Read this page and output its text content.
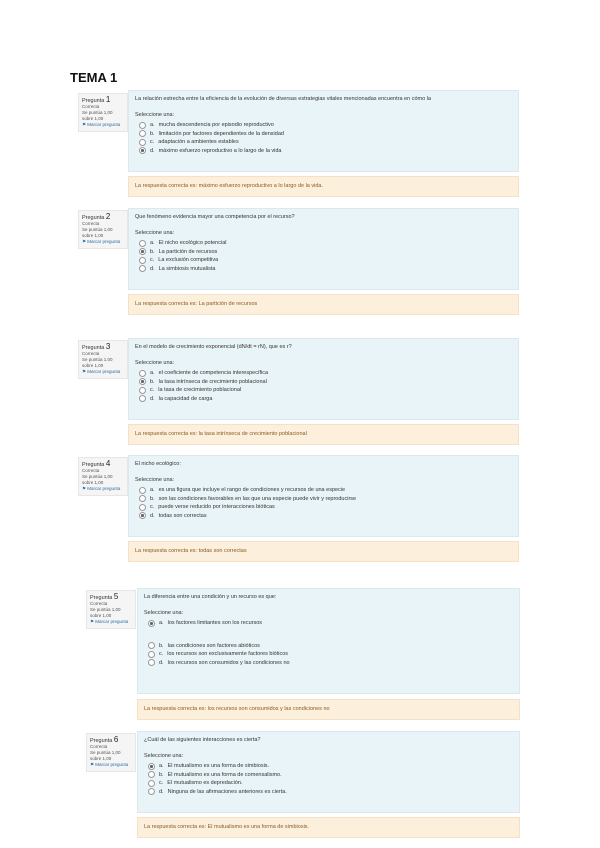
TEMA 1
Pregunta 1
Correcta
Se puntúa 1,00 sobre 1,00
⚑ Marcar pregunta
La relación estrecha entre la eficiencia de la evolución de diversas estrategias vitales mencionadas encuentra en cómo la
Seleccione una:
a. mucha descendencia por episodio reproductivo
b. limitación por factores dependientes de la densidad
c. adaptación a ambientes estables
d. máximo esfuerzo reproductivo a lo largo de la vida
La respuesta correcta es: máximo esfuerzo reproductivo a lo largo de la vida.
Pregunta 2
Correcta
Se puntúa 1,00 sobre 1,00
⚑ Marcar pregunta
Que fenómeno evidencia mayor una competencia por el recurso?
Seleccione una:
a. El nicho ecológico potencial
b. La partición de recursos
c. La exclusión competitiva
d. La simbiosis mutualista
La respuesta correcta es: La partición de recursos
Pregunta 3
Correcta
Se puntúa 1,00 sobre 1,00
⚑ Marcar pregunta
En el modelo de crecimiento exponencial (dN/dt = rN), que es r?
Seleccione una:
a. el coeficiente de competencia interespecífica
b. la tasa intrínseca de crecimiento poblacional
c. la tasa de crecimiento poblacional
d. la capacidad de carga
La respuesta correcta es: la tasa intrínseca de crecimiento poblacional
Pregunta 4
Correcta
Se puntúa 1,00 sobre 1,00
⚑ Marcar pregunta
El nicho ecológico:
Seleccione una:
a. es una figura que incluye el rango de condiciones y recursos de una especie
b. son las condiciones favorables en las que una especie puede vivir y reproducirse
c. puede verse reducido por interacciones bióticas
d. todas son correctas
La respuesta correcta es: todas son correctas
Pregunta 5
Correcta
Se puntúa 1,00 sobre 1,00
⚑ Marcar pregunta
La diferencia entre una condición y un recurso es que:
Seleccione una:
a. los factores limitantes son los recursos
b. las condiciones son factores abióticos
c. los recursos son exclusivamente factores bióticos
d. los recursos son consumidos y las condiciones no
La respuesta correcta es: los recursos son consumidos y las condiciones no
Pregunta 6
Correcta
Se puntúa 1,00 sobre 1,00
⚑ Marcar pregunta
¿Cuál de las siguientes interacciones es cierta?
Seleccione una:
a. El mutualismo es una forma de simbiosis.
b. El mutualismo es una forma de comensalismo.
c. El mutualismo es depredación.
d. Ninguna de las afirmaciones anteriores es cierta.
La respuesta correcta es: El mutualismo es una forma de simbiosis.
